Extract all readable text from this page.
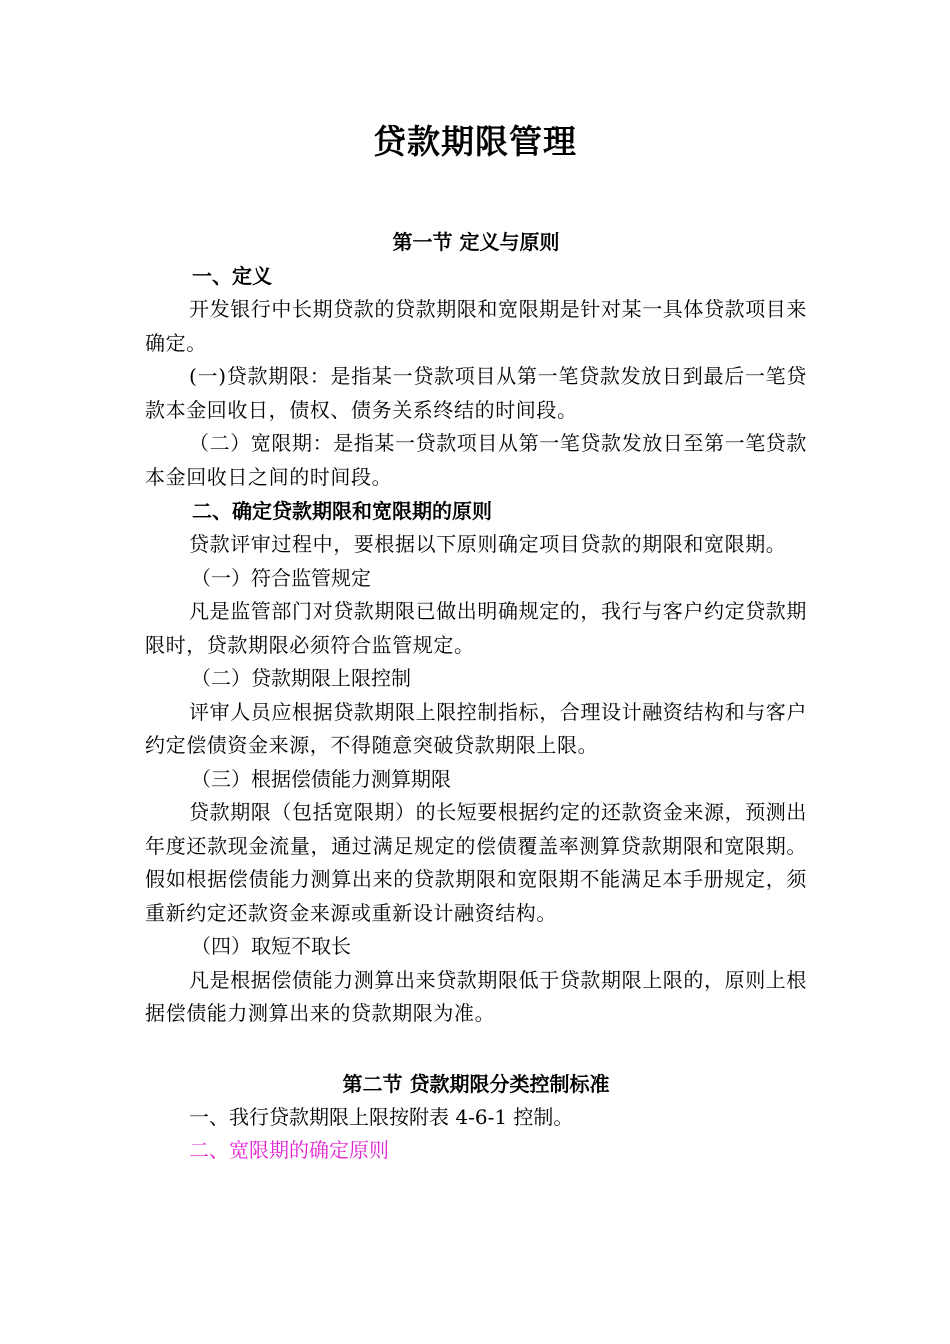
贷款期限管理

第一节 定义与原则

一、定义

开发银行中长期贷款的贷款期限和宽限期是针对某一具体贷款项目来确定。

(一)贷款期限：是指某一贷款项目从第一笔贷款发放日到最后一笔贷款本金回收日，债权、债务关系终结的时间段。

（二）宽限期：是指某一贷款项目从第一笔贷款发放日至第一笔贷款本金回收日之间的时间段。

二、确定贷款期限和宽限期的原则

贷款评审过程中，要根据以下原则确定项目贷款的期限和宽限期。

（一）符合监管规定

凡是监管部门对贷款期限已做出明确规定的，我行与客户约定贷款期限时，贷款期限必须符合监管规定。

（二）贷款期限上限控制

评审人员应根据贷款期限上限控制指标，合理设计融资结构和与客户约定偿债资金来源，不得随意突破贷款期限上限。

（三）根据偿债能力测算期限

贷款期限（包括宽限期）的长短要根据约定的还款资金来源，预测出年度还款现金流量，通过满足规定的偿债覆盖率测算贷款期限和宽限期。假如根据偿债能力测算出来的贷款期限和宽限期不能满足本手册规定，须重新约定还款资金来源或重新设计融资结构。

（四）取短不取长

凡是根据偿债能力测算出来贷款期限低于贷款期限上限的，原则上根据偿债能力测算出来的贷款期限为准。

第二节 贷款期限分类控制标准

一、我行贷款期限上限按附表 4-6-1 控制。

二、宽限期的确定原则
